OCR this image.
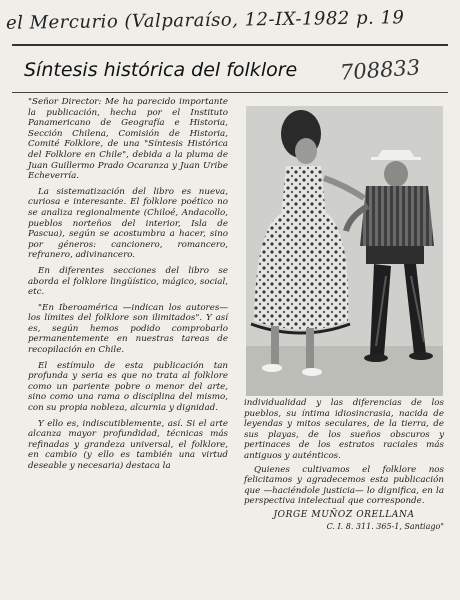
el Mercurio (Valparaíso, 12-IX-1982 p. 19
Síntesis histórica del folklore 708833

"Señor Director: Me ha parecido importante la publicación, hecha por el Instituto Panamericano de Geografía e Historia, Sección Chilena, Comisión de Historia, Comité Folklore, de una "Síntesis Histórica del Folklore en Chile", debida a la pluma de Juan Guillermo Prado Ocaranza y Juan Uribe Echeverría.

La sistematización del libro es nueva, curiosa e interesante. El folklore poético no se analiza regionalmente (Chiloé, Andacollo, pueblos norteños del interior, Isla de Pascua), según se acostumbra a hacer, sino por géneros: cancionero, romancero, refranero, adivinancero.

En diferentes secciones del libro se aborda el folklore lingüístico, mágico, social, etc.

"En Iberoamérica —indican los autores— los límites del folklore son ilimitados". Y así es, según hemos podido comprobarlo permanentemente en nuestras tareas de recopilación en Chile.

El estímulo de esta publicación tan profunda y seria es que no trata al folklore como un pariente pobre o menor del arte, sino como una rama o disciplina del mismo, con su propia nobleza, alcurnia y dignidad.

Y ello es, indiscutiblemente, así. Si el arte alcanza mayor profundidad, técnicas más refinadas y grandeza universal, el folklore, en cambio (y ello es también una virtud deseable y necesaria) destaca la

individualidad y las diferencias de los pueblos, su íntima idiosincrasia, nacida de leyendas y mitos seculares, de la tierra, de sus playas, de los sueños obscuros y pertinaces de los estratos raciales más antiguos y auténticos.

Quienes cultivamos el folklore nos felicitamos y agradecemos esta publicación que —haciéndole justicia— lo dignifica, en la perspectiva intelectual que corresponde.

JORGE MUÑOZ ORELLANA
C. I. 8. 311. 365-1, Santiago"
